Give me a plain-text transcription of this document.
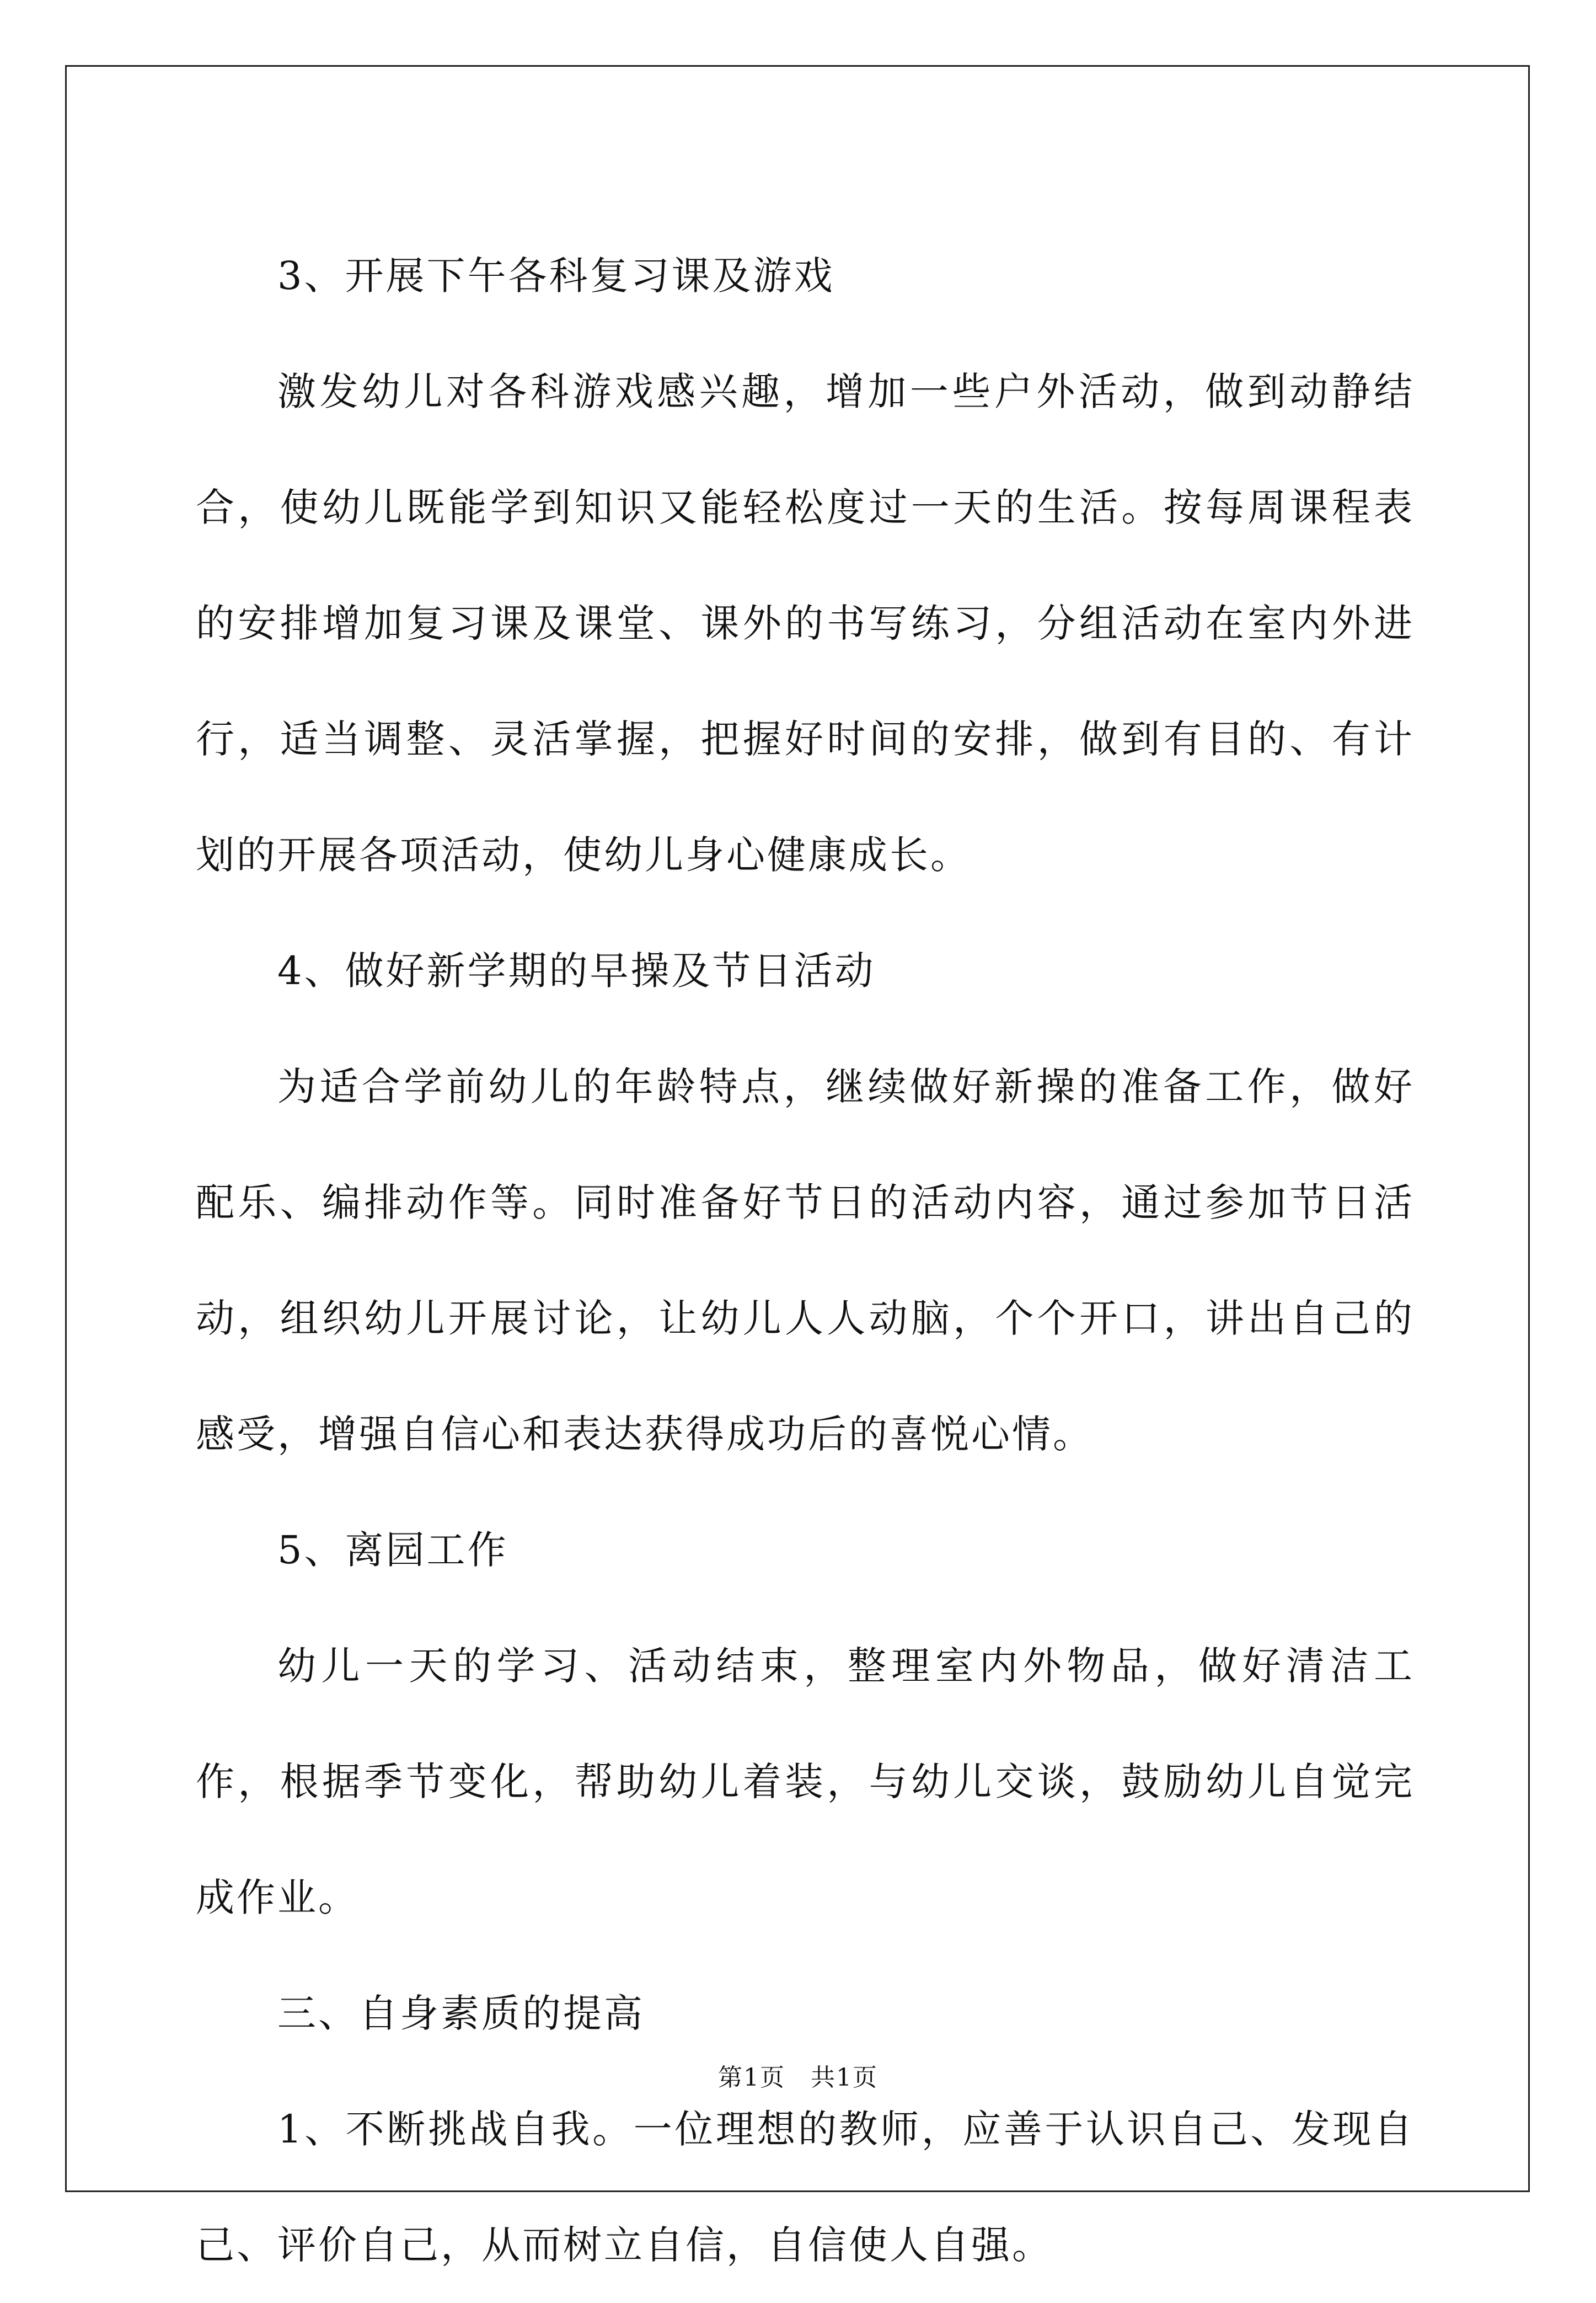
3、开展下午各科复习课及游戏

激发幼儿对各科游戏感兴趣，增加一些户外活动，做到动静结合，使幼儿既能学到知识又能轻松度过一天的生活。按每周课程表的安排增加复习课及课堂、课外的书写练习，分组活动在室内外进行，适当调整、灵活掌握，把握好时间的安排，做到有目的、有计划的开展各项活动，使幼儿身心健康成长。

4、做好新学期的早操及节日活动

为适合学前幼儿的年龄特点，继续做好新操的准备工作，做好配乐、编排动作等。同时准备好节日的活动内容，通过参加节日活动，组织幼儿开展讨论，让幼儿人人动脑，个个开口，讲出自己的感受，增强自信心和表达获得成功后的喜悦心情。

5、离园工作

幼儿一天的学习、活动结束，整理室内外物品，做好清洁工作，根据季节变化，帮助幼儿着装，与幼儿交谈，鼓励幼儿自觉完成作业。

三、自身素质的提高

1、不断挑战自我。一位理想的教师，应善于认识自己、发现自己、评价自己，从而树立自信，自信使人自强。

第1页　共1页
